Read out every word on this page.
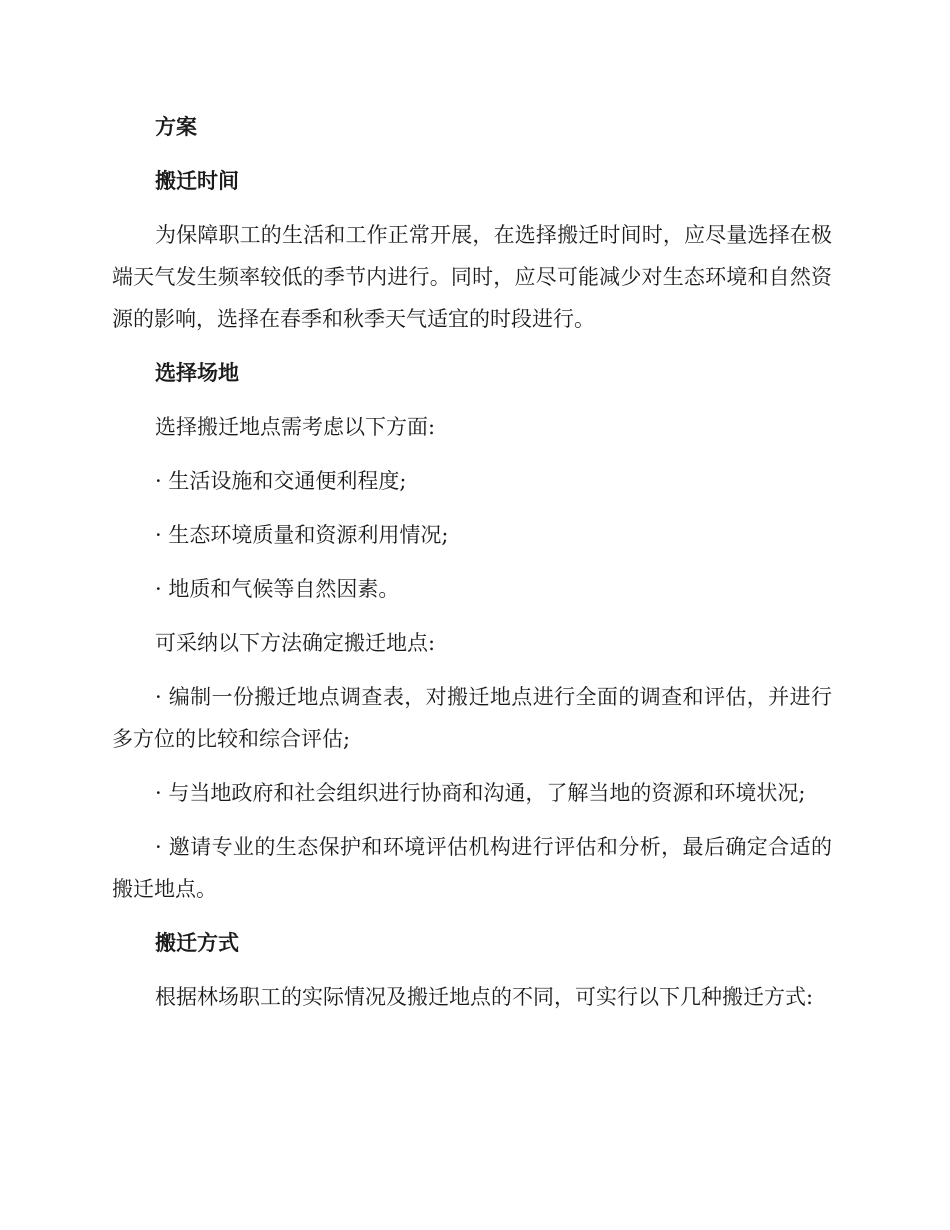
方案
搬迁时间
为保障职工的生活和工作正常开展，在选择搬迁时间时，应尽量选择在极端天气发生频率较低的季节内进行。同时，应尽可能减少对生态环境和自然资源的影响，选择在春季和秋季天气适宜的时段进行。
选择场地
选择搬迁地点需考虑以下方面:
· 生活设施和交通便利程度;
· 生态环境质量和资源利用情况;
· 地质和气候等自然因素。
可采纳以下方法确定搬迁地点:
· 编制一份搬迁地点调查表，对搬迁地点进行全面的调查和评估，并进行多方位的比较和综合评估;
· 与当地政府和社会组织进行协商和沟通，了解当地的资源和环境状况;
· 邀请专业的生态保护和环境评估机构进行评估和分析，最后确定合适的搬迁地点。
搬迁方式
根据林场职工的实际情况及搬迁地点的不同，可实行以下几种搬迁方式:
